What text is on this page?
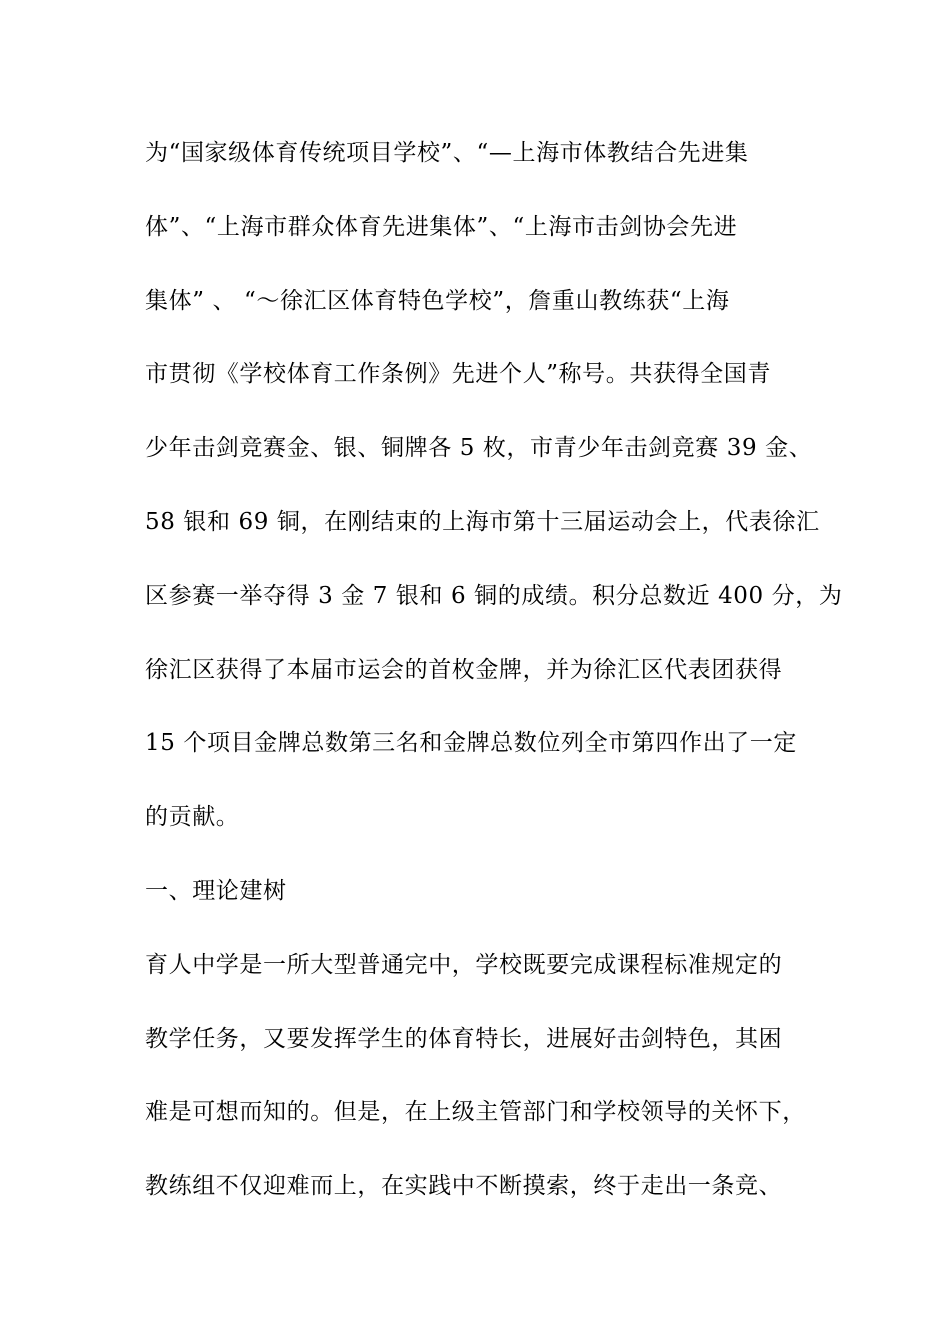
为“国家级体育传统项目学校”、“—上海市体教结合先进集
体”、“上海市群众体育先进集体”、“上海市击剑协会先进
集体” 、 “～徐汇区体育特色学校”，詹重山教练获“上海
市贯彻《学校体育工作条例》先进个人”称号。共获得全国青
少年击剑竞赛金、银、铜牌各 5 枚，市青少年击剑竞赛 39 金、
58 银和 69 铜，在刚结束的上海市第十三届运动会上，代表徐汇
区参赛一举夺得 3 金 7 银和 6 铜的成绩。积分总数近 400 分，为
徐汇区获得了本届市运会的首枚金牌，并为徐汇区代表团获得
15 个项目金牌总数第三名和金牌总数位列全市第四作出了一定
的贡献。
一、理论建树
育人中学是一所大型普通完中，学校既要完成课程标准规定的
教学任务，又要发挥学生的体育特长，进展好击剑特色，其困
难是可想而知的。但是，在上级主管部门和学校领导的关怀下，
教练组不仅迎难而上，在实践中不断摸索，终于走出一条竞、
